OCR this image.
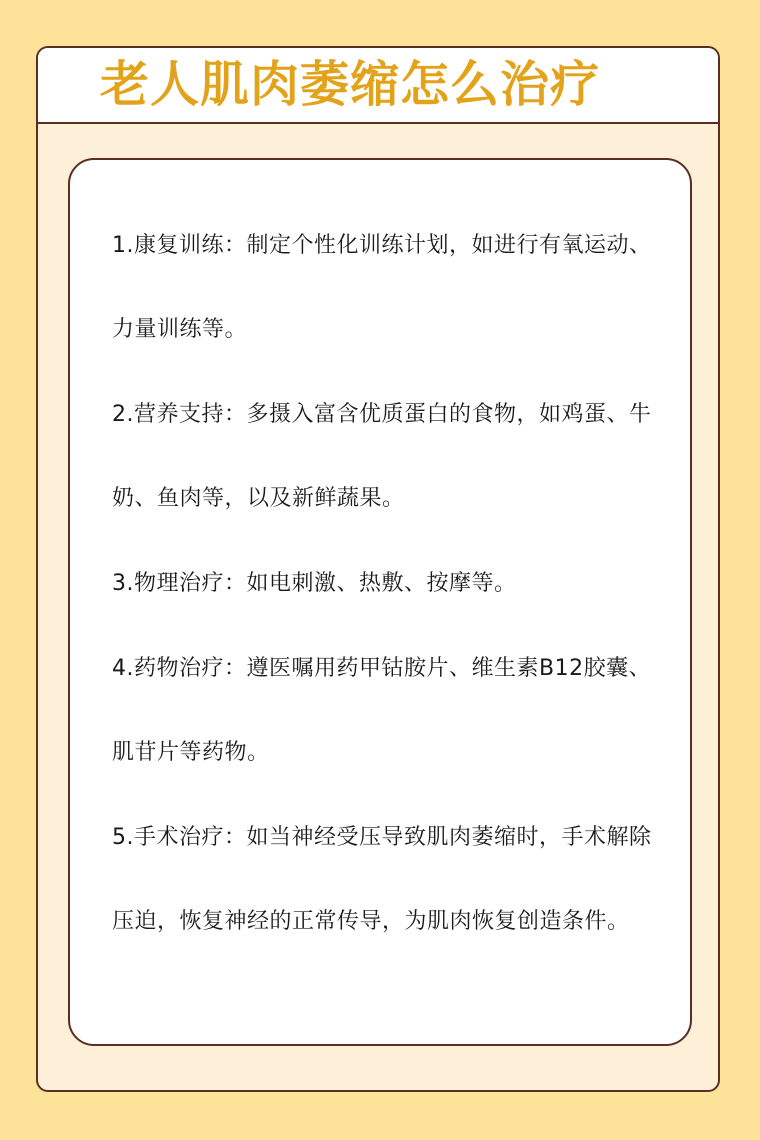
老人肌肉萎缩怎么治疗

1.康复训练：制定个性化训练计划，如进行有氧运动、力量训练等。

2.营养支持：多摄入富含优质蛋白的食物，如鸡蛋、牛奶、鱼肉等，以及新鲜蔬果。

3.物理治疗：如电刺激、热敷、按摩等。

4.药物治疗：遵医嘱用药甲钴胺片、维生素B12胶囊、肌苷片等药物。

5.手术治疗：如当神经受压导致肌肉萎缩时，手术解除压迫，恢复神经的正常传导，为肌肉恢复创造条件。
